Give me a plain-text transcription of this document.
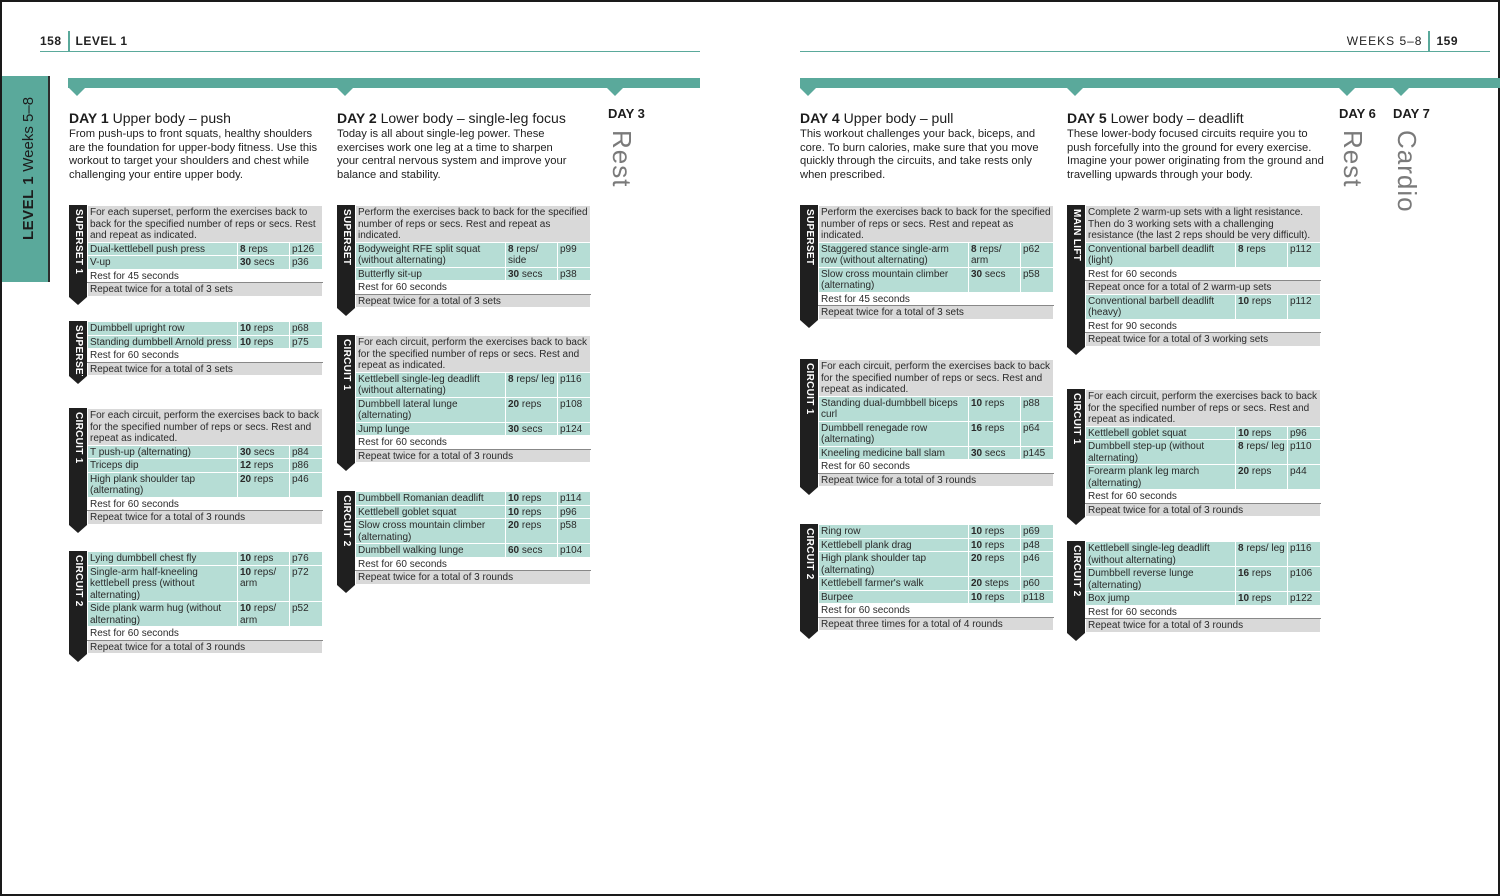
158 LEVEL 1	WEEKS 5–8 159
LEVEL 1 Weeks 5–8 DAY 1 Upper body – push
From push-ups to front squats, healthy shoulders are the foundation for upper-body fitness. Use this workout to target your shoulders and chest while challenging your entire upper body.
DAY 2 Lower body – single-leg focus
Today is all about single-leg power. These exercises work one leg at a time to sharpen your central nervous system and improve your balance and stability.
DAY 3
Rest
DAY 4 Upper body – pull
This workout challenges your back, biceps, and core. To burn calories, make sure that you move quickly through the circuits, and take rests only when prescribed.
DAY 5 Lower body – deadlift
These lower-body focused circuits require you to push forcefully into the ground for every exercise. Imagine your power originating from the ground and travelling upwards through your body.
DAY 6
Rest
DAY 7
Cardio
SUPERSET 1 For each superset, perform the exercises back to back for the specified number of reps or secs. Rest and repeat as indicated.		
Dual-kettlebell push press	8 reps	p126
V-up	30 secs	p36
Rest for 45 seconds		
Repeat twice for a total of 3 sets		
SUPERSET 2 Dumbbell upright row	10 reps	p68
Standing dumbbell Arnold press	10 reps	p75
Rest for 60 seconds		
Repeat twice for a total of 3 sets		
CIRCUIT 1 For each circuit, perform the exercises back to back for the specified number of reps or secs. Rest and repeat as indicated.		
T push-up (alternating)	30 secs	p84
Triceps dip	12 reps	p86
High plank shoulder tap (alternating)	20 reps	p46
Rest for 60 seconds		
Repeat twice for a total of 3 rounds		
CIRCUIT 2 Lying dumbbell chest fly	10 reps	p76
Single-arm half-kneeling kettlebell press (without alternating)	10 reps/ arm	p72
Side plank warm hug (without alternating)	10 reps/ arm	p52
Rest for 60 seconds		
Repeat twice for a total of 3 rounds		
SUPERSET Perform the exercises back to back for the specified number of reps or secs. Rest and repeat as indicated.		
Bodyweight RFE split squat (without alternating)	8 reps/ side	p99
Butterfly sit-up	30 secs	p38
Rest for 60 seconds		
Repeat twice for a total of 3 sets		
CIRCUIT 1 For each circuit, perform the exercises back to back for the specified number of reps or secs. Rest and repeat as indicated.		
Kettlebell single-leg deadlift (without alternating)	8 reps/ leg	p116
Dumbbell lateral lunge (alternating)	20 reps	p108
Jump lunge	30 secs	p124
Rest for 60 seconds		
Repeat twice for a total of 3 rounds		
CIRCUIT 2 Dumbbell Romanian deadlift	10 reps	p114
Kettlebell goblet squat	10 reps	p96
Slow cross mountain climber (alternating)	20 reps	p58
Dumbbell walking lunge	60 secs	p104
Rest for 60 seconds		
Repeat twice for a total of 3 rounds		
SUPERSET Perform the exercises back to back for the specified number of reps or secs. Rest and repeat as indicated.		
Staggered stance single-arm row (without alternating)	8 reps/ arm	p62
Slow cross mountain climber (alternating)	30 secs	p58
Rest for 45 seconds		
Repeat twice for a total of 3 sets		
CIRCUIT 1 For each circuit, perform the exercises back to back for the specified number of reps or secs. Rest and repeat as indicated.		
Standing dual-dumbbell biceps curl	10 reps	p88
Dumbbell renegade row (alternating)	16 reps	p64
Kneeling medicine ball slam	30 secs	p145
Rest for 60 seconds		
Repeat twice for a total of 3 rounds		
CIRCUIT 2 Ring row	10 reps	p69
Kettlebell plank drag	10 reps	p48
High plank shoulder tap (alternating)	20 reps	p46
Kettlebell farmer's walk	20 steps	p60
Burpee	10 reps	p118
Rest for 60 seconds		
Repeat three times for a total of 4 rounds		
MAIN LIFT Complete 2 warm-up sets with a light resistance. Then do 3 working sets with a challenging resistance (the last 2 reps should be very difficult).		
Conventional barbell deadlift (light)	8 reps	p112
Rest for 60 seconds		
Repeat once for a total of 2 warm-up sets		
Conventional barbell deadlift (heavy)	10 reps	p112
Rest for 90 seconds		
Repeat twice for a total of 3 working sets		
CIRCUIT 1 For each circuit, perform the exercises back to back for the specified number of reps or secs. Rest and repeat as indicated.		
Kettlebell goblet squat	10 reps	p96
Dumbbell step-up (without alternating)	8 reps/ leg	p110
Forearm plank leg march (alternating)	20 reps	p44
Rest for 60 seconds		
Repeat twice for a total of 3 rounds		
CIRCUIT 2 Kettlebell single-leg deadlift (without alternating)	8 reps/ leg	p116
Dumbbell reverse lunge (alternating)	16 reps	p106
Box jump	10 reps	p122
Rest for 60 seconds		
Repeat twice for a total of 3 rounds		
